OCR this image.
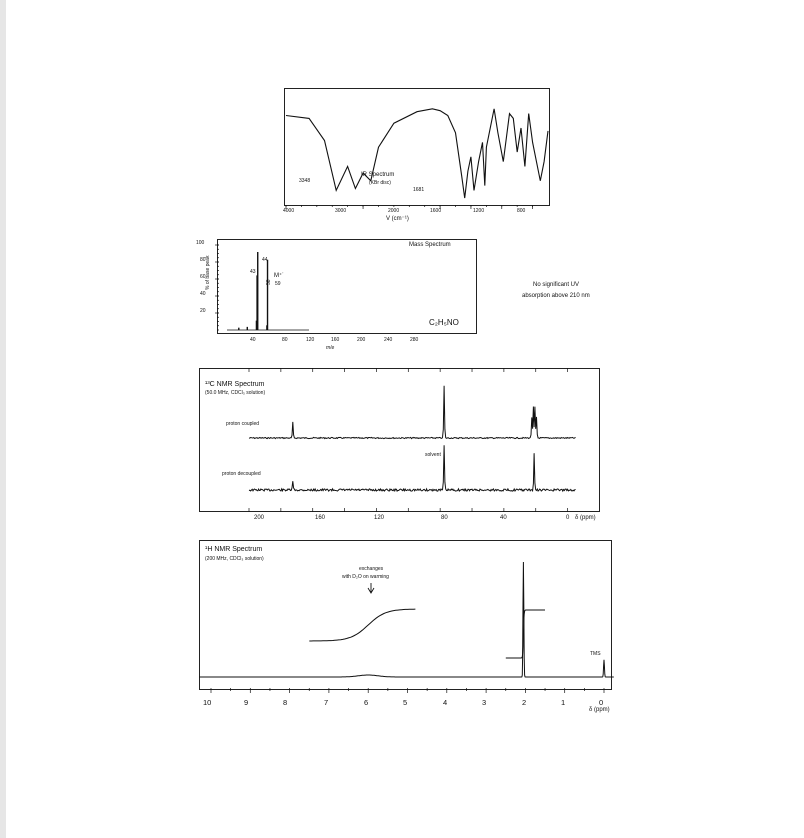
3348
IR Spectrum
(KBr disc)
1681
4000	3000	2000	1600	1200	800
V (cm⁻¹)
100
80
60
40
20
% of base peak	43
44
58
M⁺˙
59
Mass Spectrum
C₂H₅NO
40	80	120	160	200	240	280
m/e
No significant UV
absorption above 210 nm
¹³C NMR Spectrum
(50.0 MHz, CDCl₃ solution)
proton coupled
solvent
proton decoupled
200	160	120	80	40	0 δ (ppm)
¹H NMR Spectrum
(200 MHz, CDCl₃ solution)
exchanges
with D₂O on warming
TMS
10	9	8	7	6	5	4	3	2	1	0
δ (ppm)
